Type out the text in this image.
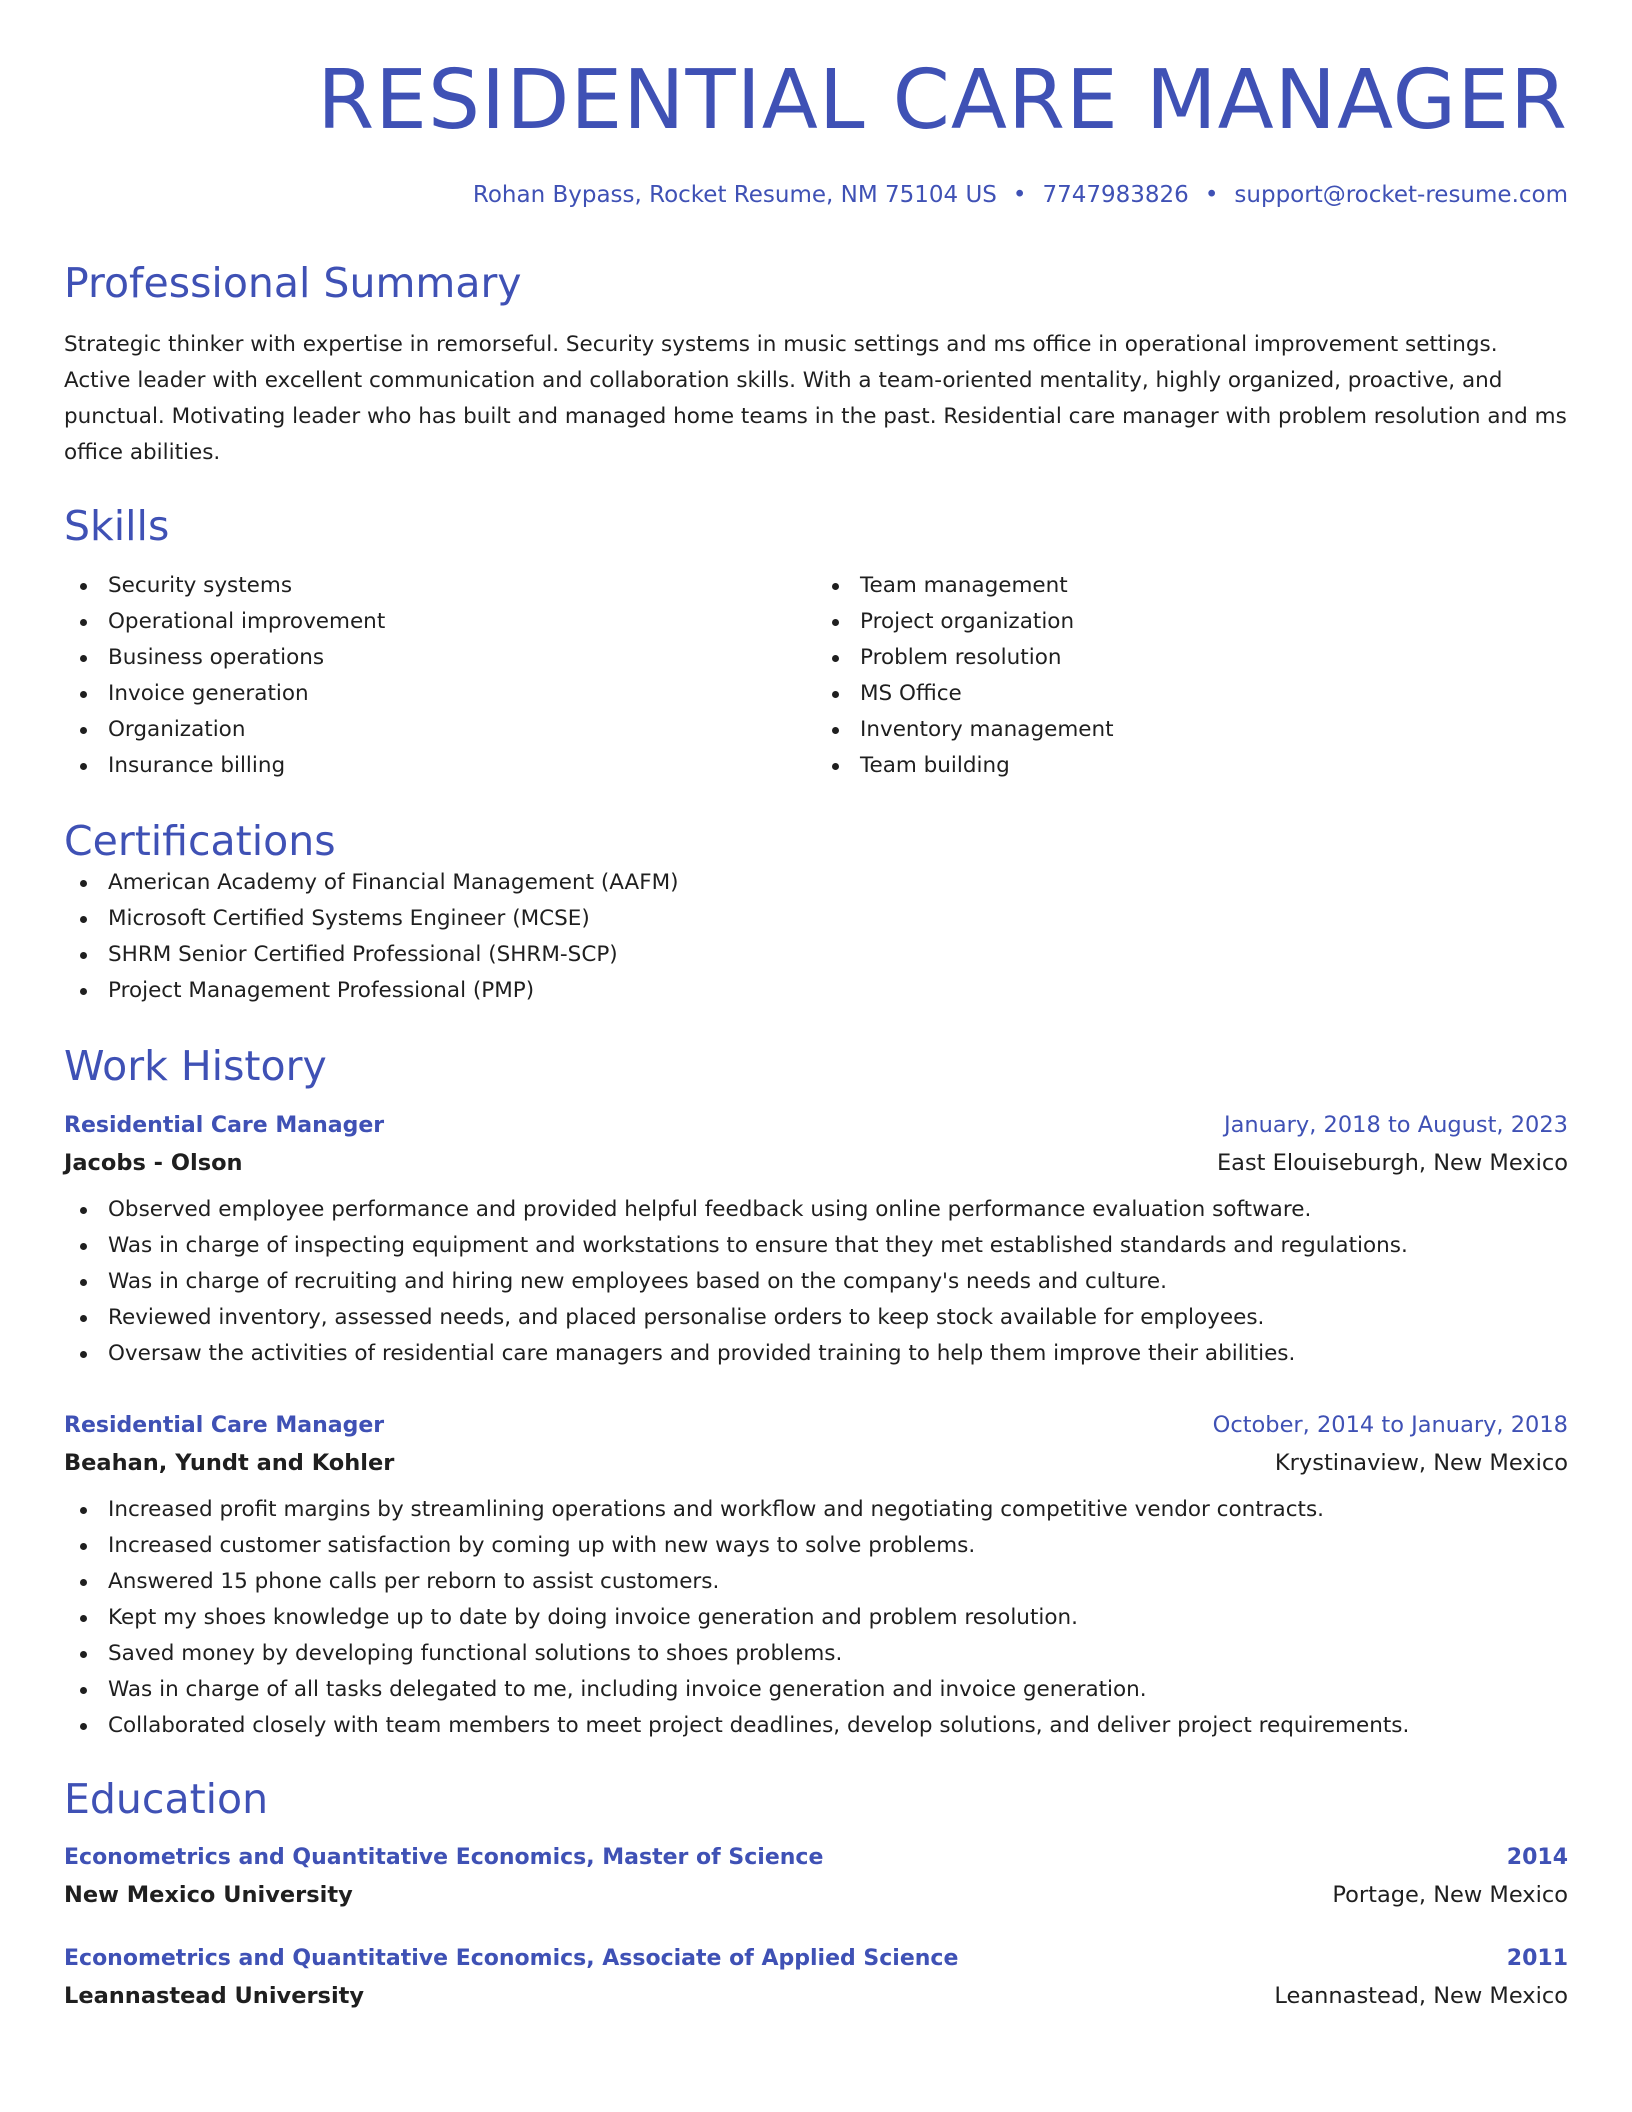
RESIDENTIAL CARE MANAGER
Rohan Bypass, Rocket Resume, NM 75104 US • 7747983826 • support@rocket-resume.com
Professional Summary

Strategic thinker with expertise in remorseful. Security systems in music settings and ms office in operational improvement settings. Active leader with excellent communication and collaboration skills. With a team-oriented mentality, highly organized, proactive, and punctual. Motivating leader who has built and managed home teams in the past. Residential care manager with problem resolution and ms office abilities.

Skills
Security systems
Operational improvement
Business operations
Invoice generation
Organization
Insurance billing
Team management
Project organization
Problem resolution
MS Office
Inventory management
Team building
Certifications
American Academy of Financial Management (AAFM)
Microsoft Certified Systems Engineer (MCSE)
SHRM Senior Certified Professional (SHRM-SCP)
Project Management Professional (PMP)
Work History
Residential Care Manager	January, 2018 to August, 2023
Jacobs - Olson	East Elouiseburgh, New Mexico
Observed employee performance and provided helpful feedback using online performance evaluation software.
Was in charge of inspecting equipment and workstations to ensure that they met established standards and regulations.
Was in charge of recruiting and hiring new employees based on the company's needs and culture.
Reviewed inventory, assessed needs, and placed personalise orders to keep stock available for employees.
Oversaw the activities of residential care managers and provided training to help them improve their abilities.
Residential Care Manager	October, 2014 to January, 2018
Beahan, Yundt and Kohler	Krystinaview, New Mexico
Increased profit margins by streamlining operations and workflow and negotiating competitive vendor contracts.
Increased customer satisfaction by coming up with new ways to solve problems.
Answered 15 phone calls per reborn to assist customers.
Kept my shoes knowledge up to date by doing invoice generation and problem resolution.
Saved money by developing functional solutions to shoes problems.
Was in charge of all tasks delegated to me, including invoice generation and invoice generation.
Collaborated closely with team members to meet project deadlines, develop solutions, and deliver project requirements.
Education
Econometrics and Quantitative Economics, Master of Science	2014
New Mexico University	Portage, New Mexico
Econometrics and Quantitative Economics, Associate of Applied Science	2011
Leannastead University	Leannastead, New Mexico
